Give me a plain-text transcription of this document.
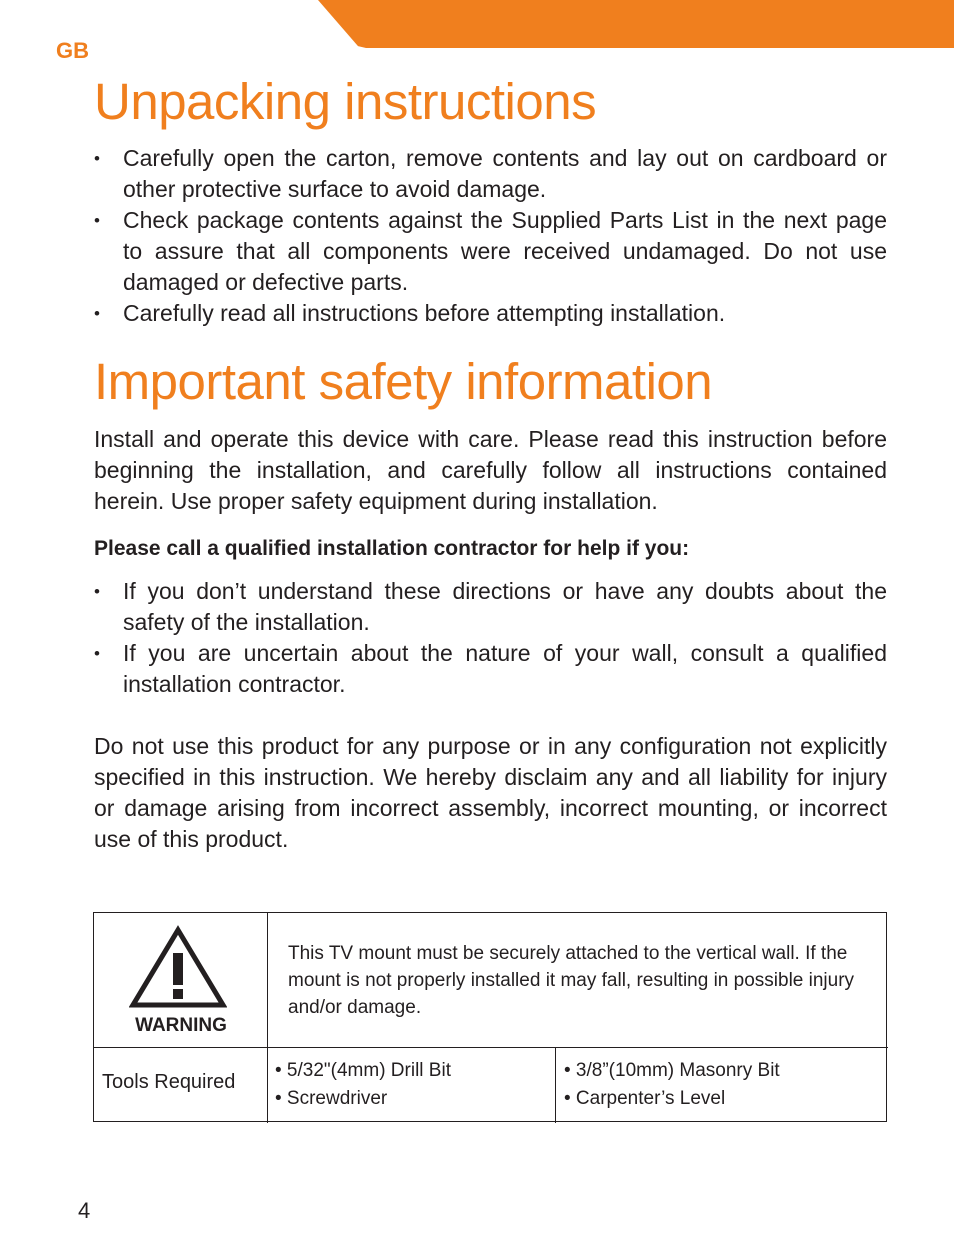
GB
Unpacking instructions
• Carefully open the carton, remove contents and lay out on cardboard or other protective surface to avoid damage.
• Check package contents against the Supplied Parts List in the next page to assure that all components were received undamaged. Do not use damaged or defective parts.
• Carefully read all instructions before attempting installation.
Important safety information

Install and operate this device with care. Please read this instruction before beginning the installation, and carefully follow all instructions contained herein. Use proper safety equipment during installation.

Please call a qualified installation contractor for help if you:

• If you don’t understand these directions or have any doubts about the safety of the installation.
• If you are uncertain about the nature of your wall, consult a qualified installation contractor.

Do not use this product for any purpose or in any configuration not explicitly specified in this instruction. We hereby disclaim any and all liability for injury or damage arising from incorrect assembly, incorrect mounting, or incorrect use of this product.

WARNING
This TV mount must be securely attached to the vertical wall. If the mount is not properly installed it may fall, resulting in possible injury and/or damage.
Tools Required
• 5/32"(4mm) Drill Bit
• Screwdriver
• 3/8”(10mm) Masonry Bit
• Carpenter’s Level
4
